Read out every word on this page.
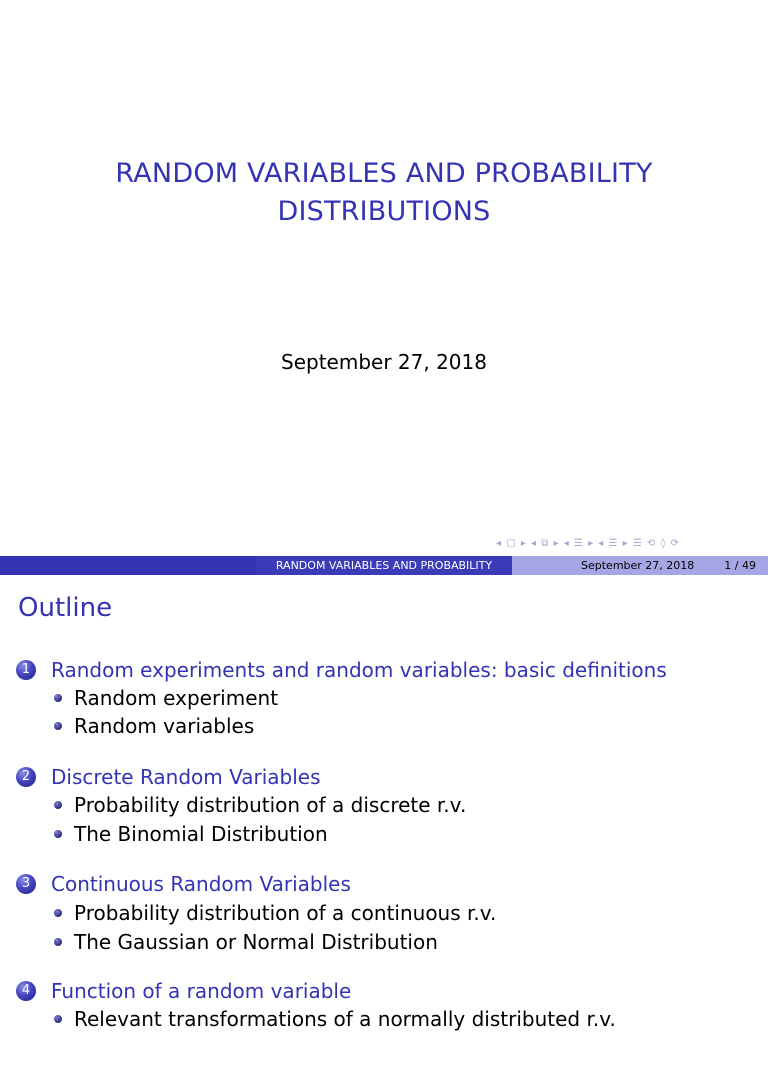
RANDOM VARIABLES AND PROBABILITY
DISTRIBUTIONS
September 27, 2018
◂ ▢ ▸ ◂ ⧉ ▸ ◂ ☰ ▸ ◂ ☰ ▸ ☰ ⟲ ◊ ⟳
RANDOM VARIABLES AND PROBABILITY	September 27, 2018	1 / 49
Outline
1 Random experiments and random variables: basic definitions
Random experiment
Random variables
2 Discrete Random Variables
Probability distribution of a discrete r.v.
The Binomial Distribution
3 Continuous Random Variables
Probability distribution of a continuous r.v.
The Gaussian or Normal Distribution
4 Function of a random variable
Relevant transformations of a normally distributed r.v.
